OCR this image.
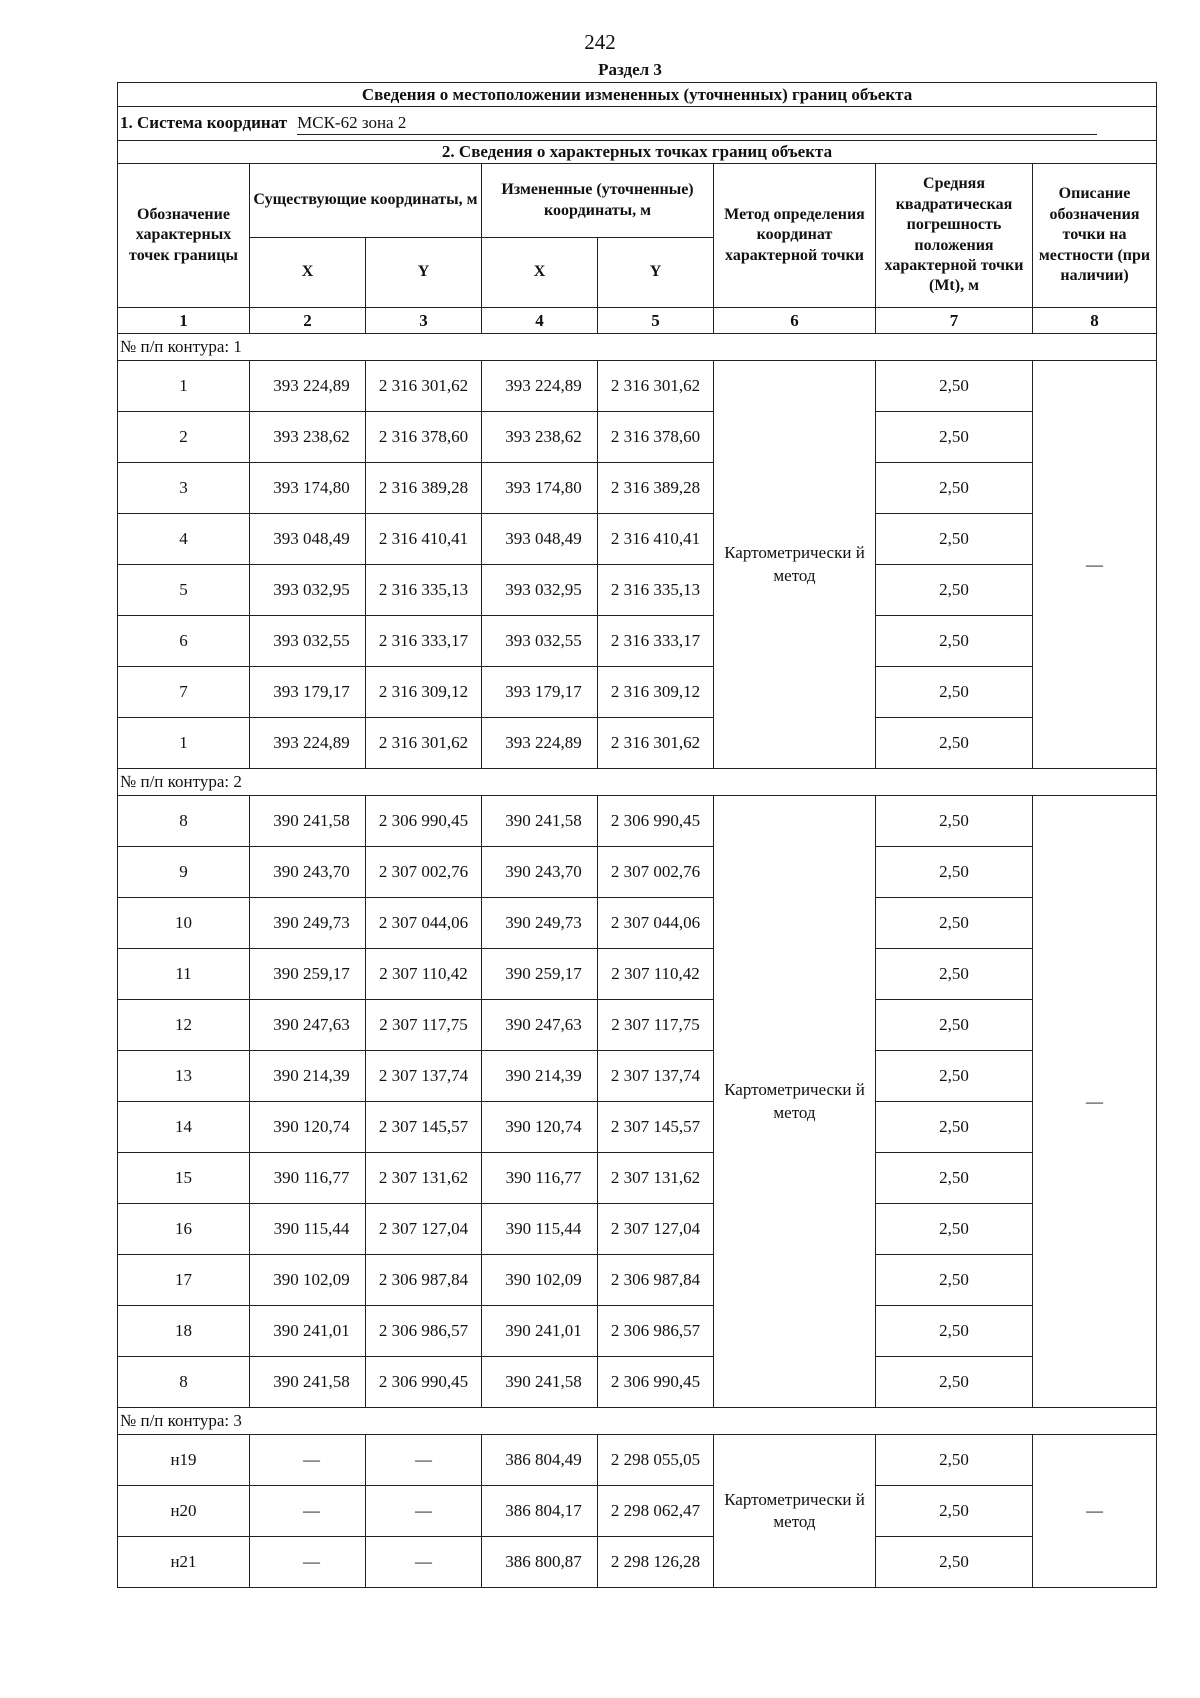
242
Раздел 3
Сведения о местоположении измененных (уточненных) границ объекта							
1. Система координат МСК-62 зона 2							
2. Сведения о характерных точках границ объекта							
Обозначение характерных точек границы	Существующие координаты, м		Измененные (уточненные) координаты, м		Метод определения координат характерной точки	Средняя квадратическая погрешность положения характерной точки (Mt), м	Описание обозначения точки на местности (при наличии)
	X	Y	X	Y			
1	2	3	4	5	6	7	8
№ п/п контура: 1							
1	393 224,89	2 316 301,62	393 224,89	2 316 301,62	Картометрически й метод	2,50	—
2	393 238,62	2 316 378,60	393 238,62	2 316 378,60		2,50	
3	393 174,80	2 316 389,28	393 174,80	2 316 389,28		2,50	
4	393 048,49	2 316 410,41	393 048,49	2 316 410,41		2,50	
5	393 032,95	2 316 335,13	393 032,95	2 316 335,13		2,50	
6	393 032,55	2 316 333,17	393 032,55	2 316 333,17		2,50	
7	393 179,17	2 316 309,12	393 179,17	2 316 309,12		2,50	
1	393 224,89	2 316 301,62	393 224,89	2 316 301,62		2,50	
№ п/п контура: 2							
8	390 241,58	2 306 990,45	390 241,58	2 306 990,45	Картометрически й метод	2,50	—
9	390 243,70	2 307 002,76	390 243,70	2 307 002,76		2,50	
10	390 249,73	2 307 044,06	390 249,73	2 307 044,06		2,50	
11	390 259,17	2 307 110,42	390 259,17	2 307 110,42		2,50	
12	390 247,63	2 307 117,75	390 247,63	2 307 117,75		2,50	
13	390 214,39	2 307 137,74	390 214,39	2 307 137,74		2,50	
14	390 120,74	2 307 145,57	390 120,74	2 307 145,57		2,50	
15	390 116,77	2 307 131,62	390 116,77	2 307 131,62		2,50	
16	390 115,44	2 307 127,04	390 115,44	2 307 127,04		2,50	
17	390 102,09	2 306 987,84	390 102,09	2 306 987,84		2,50	
18	390 241,01	2 306 986,57	390 241,01	2 306 986,57		2,50	
8	390 241,58	2 306 990,45	390 241,58	2 306 990,45		2,50	
№ п/п контура: 3							
н19	—	—	386 804,49	2 298 055,05	Картометрически й метод	2,50	—
н20	—	—	386 804,17	2 298 062,47		2,50	
н21	—	—	386 800,87	2 298 126,28		2,50	
